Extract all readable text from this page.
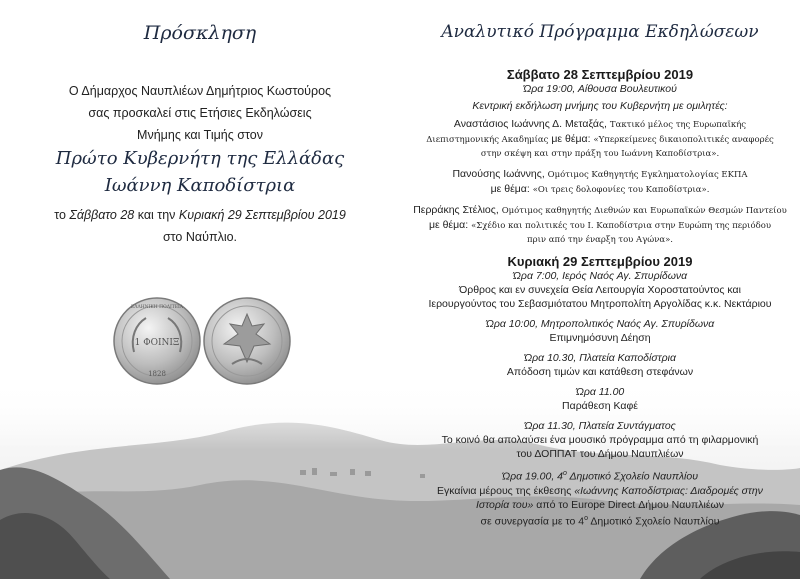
Πρόσκληση
Ο Δήμαρχος Ναυπλιέων Δημήτριος Κωστούρος
σας προσκαλεί στις Ετήσιες Εκδηλώσεις
Μνήμης και Τιμής στον
Πρώτο Κυβερνήτη της Ελλάδας
Ιωάννη Καποδίστρια
το Σάββατο 28 και την Κυριακή 29 Σεπτεμβρίου 2019
στο Ναύπλιο.
1 ΦΟΙΝΙΞ
1828
ΕΛΛΗΝΙΚΗ ΠΟΛΙΤΕΙΑ
Αναλυτικό Πρόγραμμα Εκδηλώσεων

Σάββατο 28 Σεπτεμβρίου 2019

Ώρα 19:00, Αίθουσα Βουλευτικού

Κεντρική εκδήλωση μνήμης του Κυβερνήτη με ομιλητές:

Αναστάσιος Ιωάννης Δ. Μεταξάς, Τακτικό μέλος της Ευρωπαϊκής

Διεπιστημονικής Ακαδημίας με θέμα: «Υπερκείμενες δικαιοπολιτικές αναφορές

στην σκέψη και στην πράξη του Ιωάννη Καποδίστρια».

Πανούσης Ιωάννης, Ομότιμος Καθηγητής Εγκληματολογίας ΕΚΠΑ

με θέμα: «Οι τρεις δολοφονίες του Καποδίστρια».

Περράκης Στέλιος, Ομότιμος καθηγητής Διεθνών και Ευρωπαϊκών Θεσμών Παντείου

με θέμα: «Σχέδιο και πολιτικές του Ι. Καποδίστρια στην Ευρώπη της περιόδου

πριν από την έναρξη του Αγώνα».

Κυριακή 29 Σεπτεμβρίου 2019

Ώρα 7:00, Ιερός Ναός Αγ. Σπυρίδωνα

Όρθρος και εν συνεχεία Θεία Λειτουργία Χοροστατούντος και

Ιερουργούντος του Σεβασμιότατου Μητροπολίτη Αργολίδας κ.κ. Νεκτάριου

Ώρα 10:00, Μητροπολιτικός Ναός Αγ. Σπυρίδωνα

Επιμνημόσυνη Δέηση

Ώρα 10.30, Πλατεία Καποδίστρια

Απόδοση τιμών και κατάθεση στεφάνων

Ώρα 11.00

Παράθεση Καφέ

Ώρα 11.30, Πλατεία Συντάγματος

Το κοινό θα απολαύσει ένα μουσικό πρόγραμμα από τη φιλαρμονική

του ΔΟΠΠΑΤ του Δήμου Ναυπλιέων

Ώρα 19.00, $4^o$ Δημοτικό Σχολείο Ναυπλίου

Εγκαίνια μέρους της έκθεσης «Ιωάννης Καποδίστριας: Διαδρομές στην

Ιστορία του» από το Europe Direct Δήμου Ναυπλιέων

σε συνεργασία με το $4^o$ Δημοτικό Σχολείο Ναυπλίου
